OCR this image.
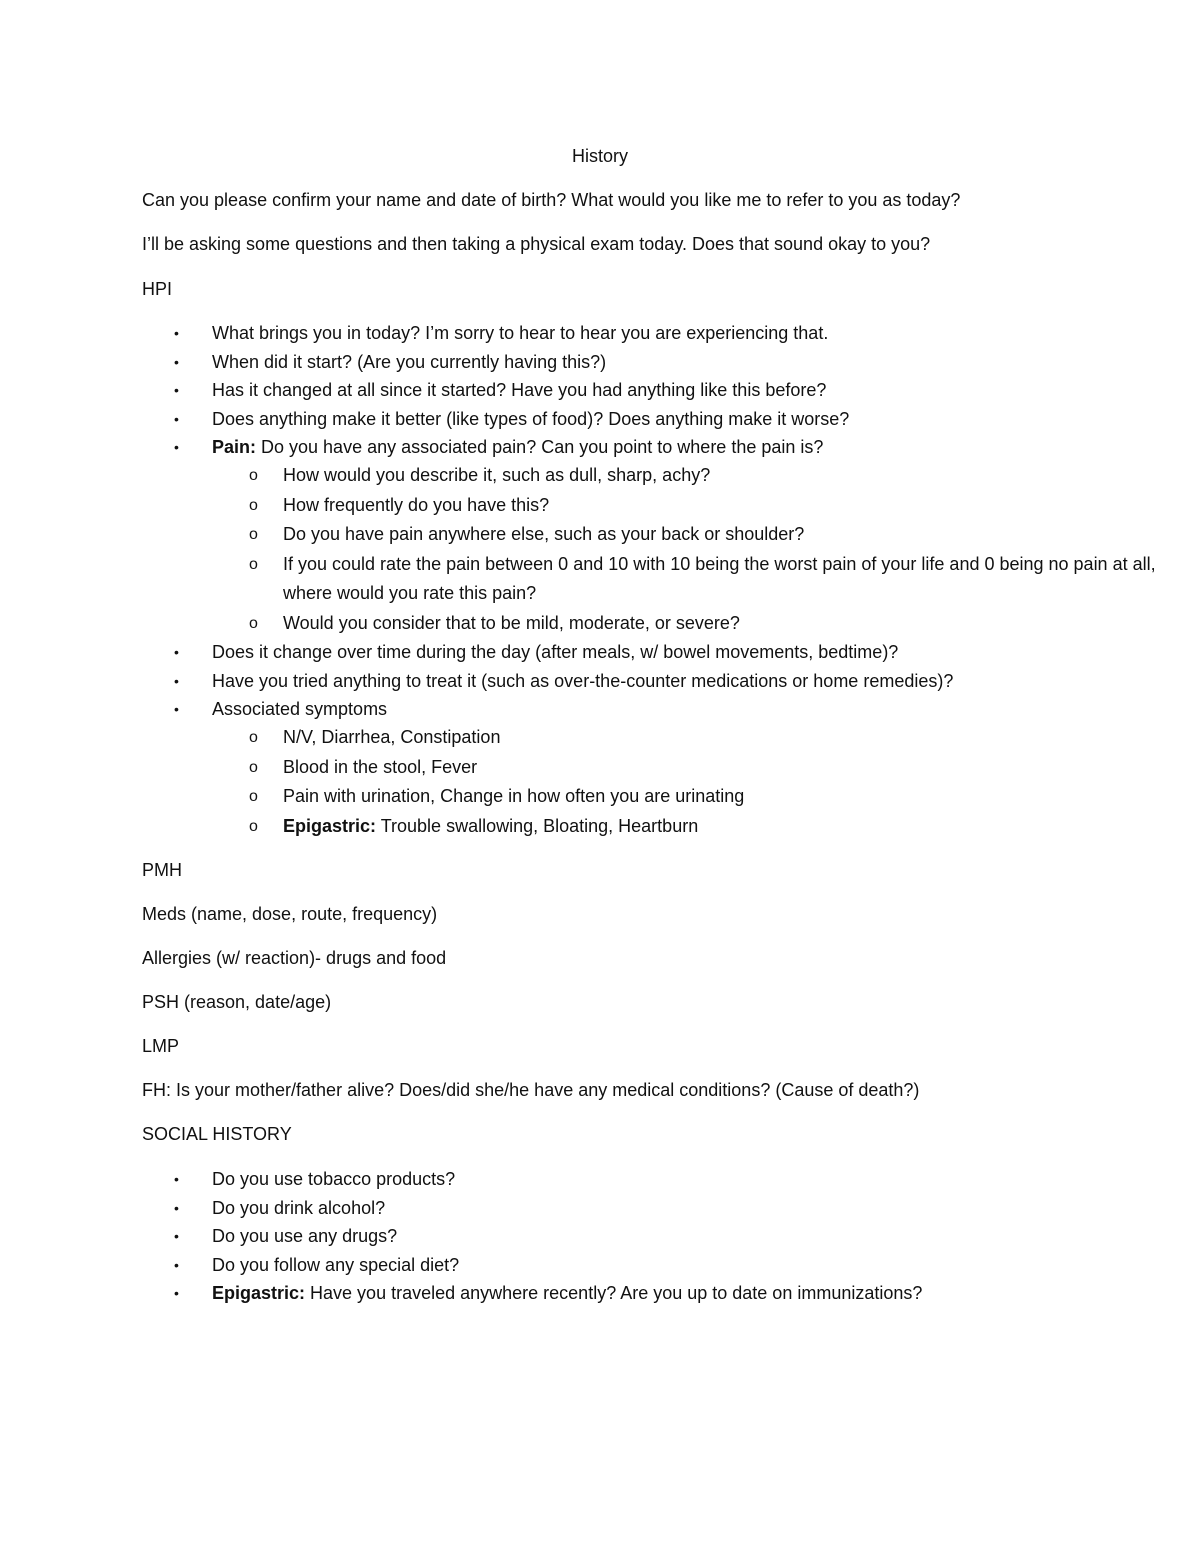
History
Can you please confirm your name and date of birth? What would you like me to refer to you as today?
I’ll be asking some questions and then taking a physical exam today. Does that sound okay to you?
HPI
• What brings you in today? I’m sorry to hear to hear you are experiencing that.
• When did it start? (Are you currently having this?)
• Has it changed at all since it started? Have you had anything like this before?
• Does anything make it better (like types of food)? Does anything make it worse?
• Pain: Do you have any associated pain? Can you point to where the pain is?
o How would you describe it, such as dull, sharp, achy?
o How frequently do you have this?
o Do you have pain anywhere else, such as your back or shoulder?
o If you could rate the pain between 0 and 10 with 10 being the worst pain of your life and 0 being no pain at all, where would you rate this pain?
o Would you consider that to be mild, moderate, or severe?
• Does it change over time during the day (after meals, w/ bowel movements, bedtime)?
• Have you tried anything to treat it (such as over-the-counter medications or home remedies)?
• Associated symptoms
o N/V, Diarrhea, Constipation
o Blood in the stool, Fever
o Pain with urination, Change in how often you are urinating
o Epigastric: Trouble swallowing, Bloating, Heartburn
PMH
Meds (name, dose, route, frequency)
Allergies (w/ reaction)- drugs and food
PSH (reason, date/age)
LMP
FH: Is your mother/father alive? Does/did she/he have any medical conditions? (Cause of death?)
SOCIAL HISTORY
• Do you use tobacco products?
• Do you drink alcohol?
• Do you use any drugs?
• Do you follow any special diet?
• Epigastric: Have you traveled anywhere recently? Are you up to date on immunizations?
